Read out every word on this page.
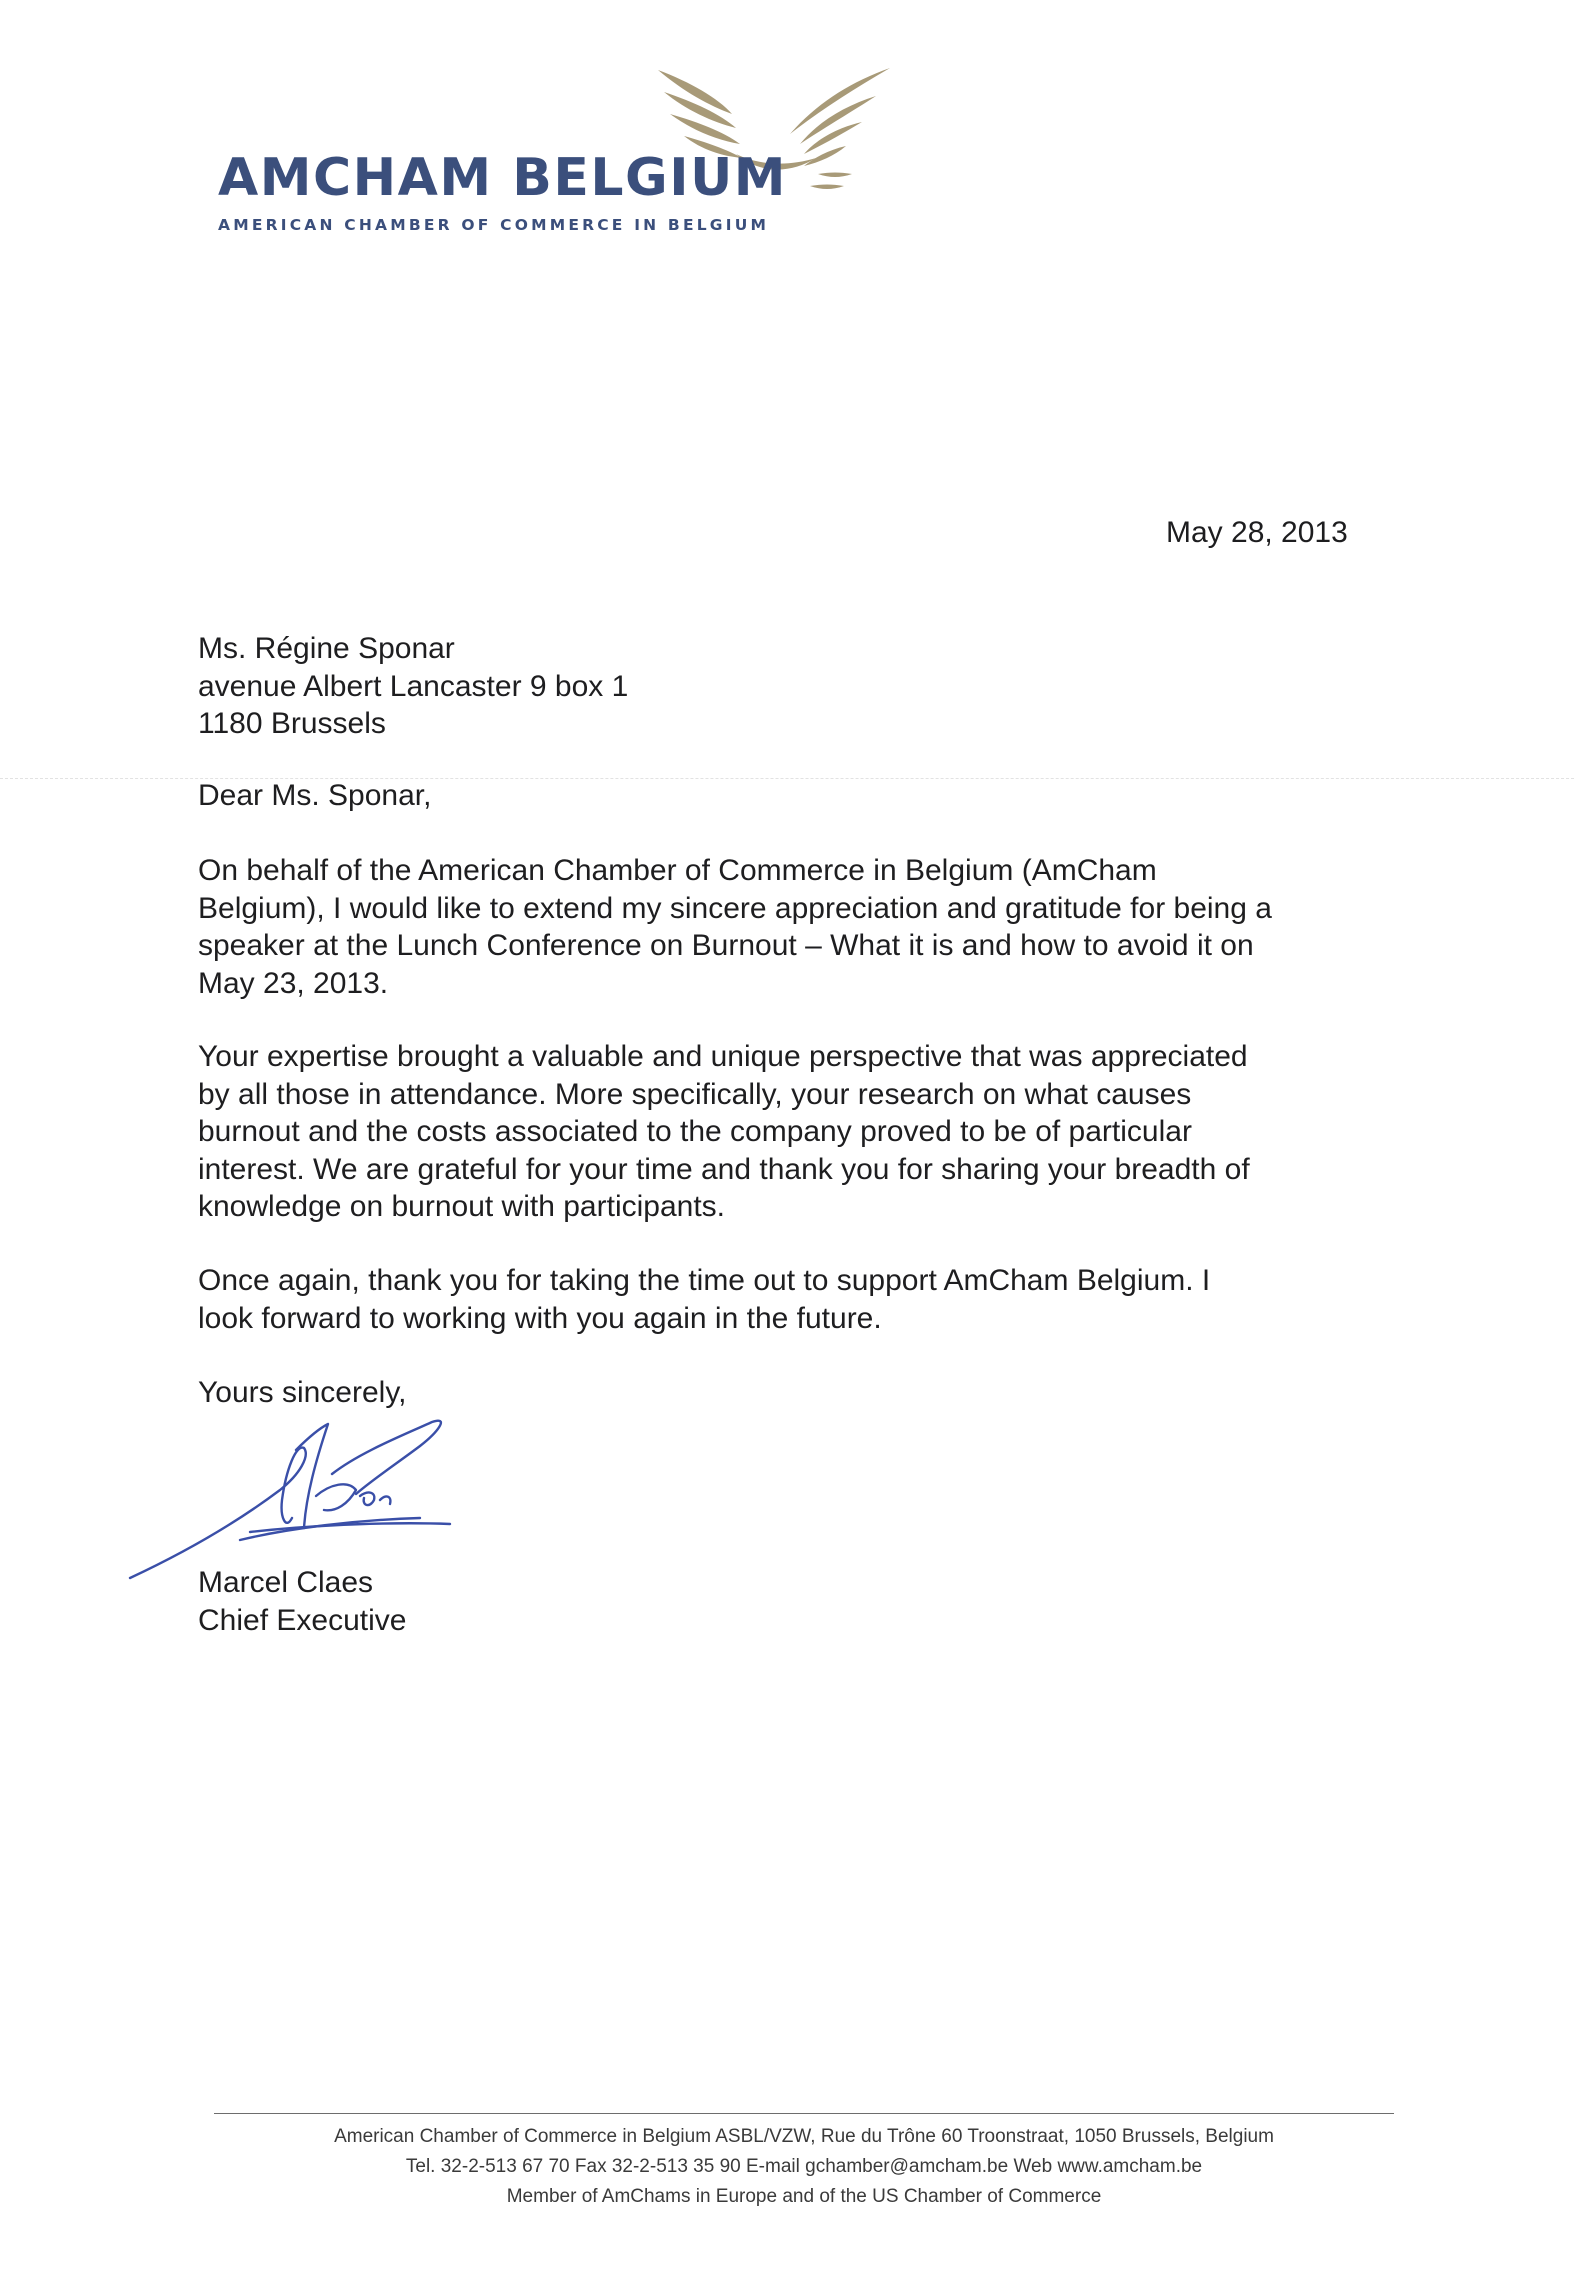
AMCHAM BELGIUM
AMERICAN CHAMBER OF COMMERCE IN BELGIUM
May 28, 2013
Ms. Régine Sponar
avenue Albert Lancaster 9 box 1
1180 Brussels
Dear Ms. Sponar,
On behalf of the American Chamber of Commerce in Belgium (AmCham
Belgium), I would like to extend my sincere appreciation and gratitude for being a
speaker at the Lunch Conference on Burnout – What it is and how to avoid it on
May 23, 2013.
Your expertise brought a valuable and unique perspective that was appreciated
by all those in attendance. More specifically, your research on what causes
burnout and the costs associated to the company proved to be of particular
interest. We are grateful for your time and thank you for sharing your breadth of
knowledge on burnout with participants.
Once again, thank you for taking the time out to support AmCham Belgium. I
look forward to working with you again in the future.
Yours sincerely,
Marcel Claes
Chief Executive
American Chamber of Commerce in Belgium ASBL/VZW, Rue du Trône 60 Troonstraat, 1050 Brussels, Belgium
Tel. 32-2-513 67 70 Fax 32-2-513 35 90 E-mail gchamber@amcham.be Web www.amcham.be
Member of AmChams in Europe and of the US Chamber of Commerce
